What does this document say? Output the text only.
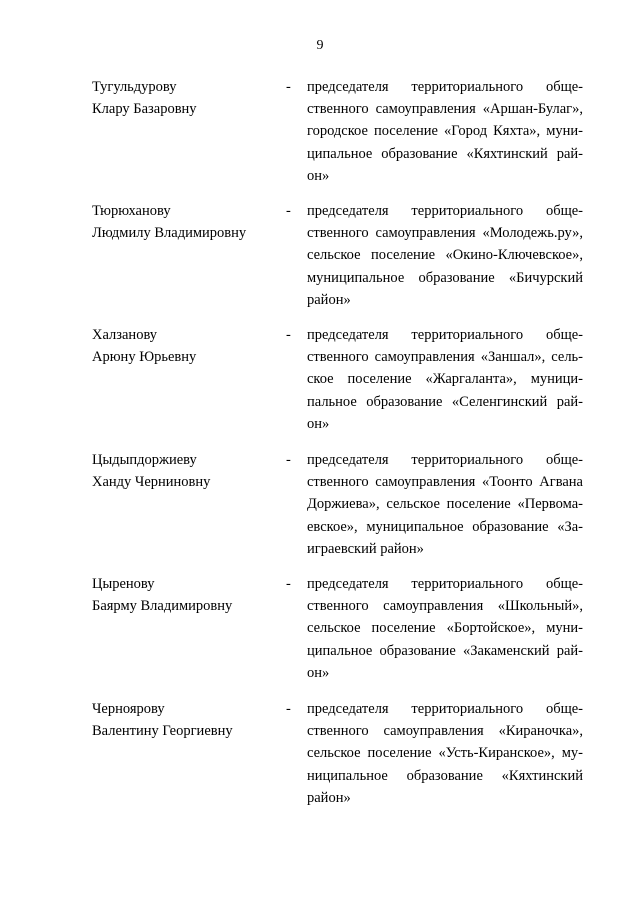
9
Тугульдурову
Клару Базаровну
- председателя территориального обще-
ственного самоуправления «Аршан-Булаг»,
городское поселение «Город Кяхта», муни-
ципальное образование «Кяхтинский рай-
он»
Тюрюханову
Людмилу Владимировну
- председателя территориального обще-
ственного самоуправления «Молодежь.ру»,
сельское поселение «Окино-Ключевское»,
муниципальное образование «Бичурский
район»
Халзанову
Арюну Юрьевну
- председателя территориального обще-
ственного самоуправления «Заншал», сель-
ское поселение «Жаргаланта», муници-
пальное образование «Селенгинский рай-
он»
Цыдыпдоржиеву
Ханду Черниновну
- председателя территориального обще-
ственного самоуправления «Тоонто Агвана
Доржиева», сельское поселение «Первома-
евское», муниципальное образование «За-
играевский район»
Цыренову
Баярму Владимировну
- председателя территориального обще-
ственного самоуправления «Школьный»,
сельское поселение «Бортойское», муни-
ципальное образование «Закаменский рай-
он»
Черноярову
Валентину Георгиевну
- председателя территориального обще-
ственного самоуправления «Кираночка»,
сельское поселение «Усть-Киранское», му-
ниципальное образование «Кяхтинский
район»
